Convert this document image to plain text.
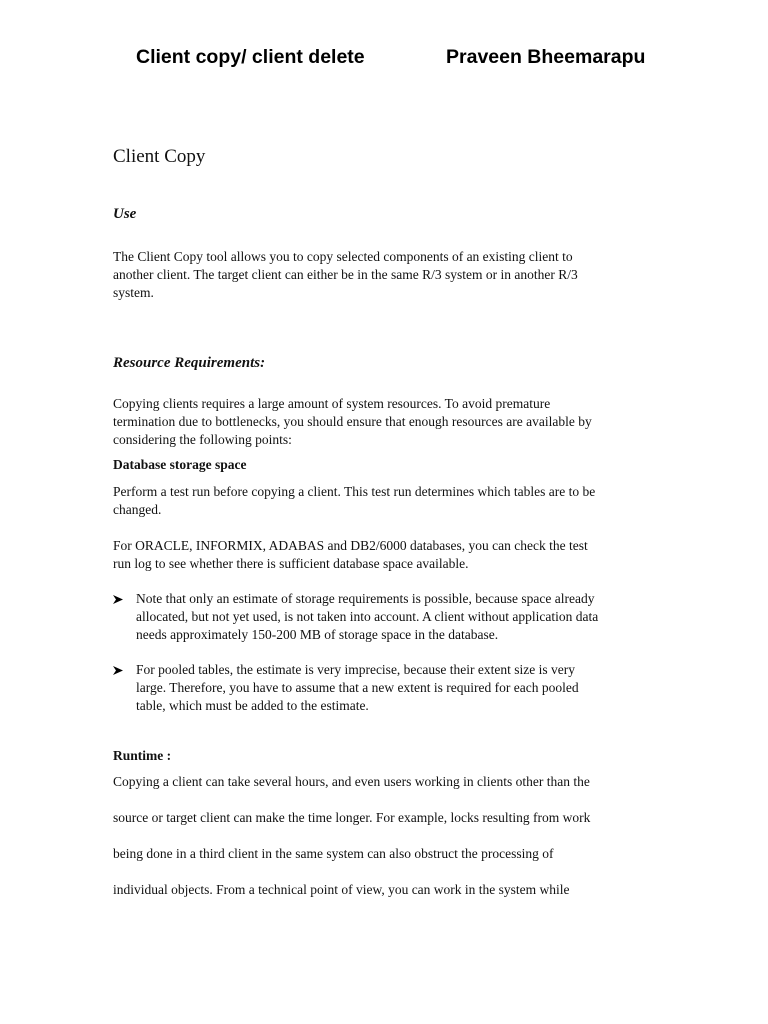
Client copy/ client delete	Praveen Bheemarapu
Client Copy
Use
The Client Copy tool allows you to copy selected components of an existing client to
another client. The target client can either be in the same R/3 system or in another R/3
system.
Resource Requirements:
Copying clients requires a large amount of system resources. To avoid premature
termination due to bottlenecks, you should ensure that enough resources are available by
considering the following points:
Database storage space
Perform a test run before copying a client. This test run determines which tables are to be
changed.
For ORACLE, INFORMIX, ADABAS and DB2/6000 databases, you can check the test
run log to see whether there is sufficient database space available.
Note that only an estimate of storage requirements is possible, because space already
allocated, but not yet used, is not taken into account. A client without application data
needs approximately 150-200 MB of storage space in the database.
For pooled tables, the estimate is very imprecise, because their extent size is very
large. Therefore, you have to assume that a new extent is required for each pooled
table, which must be added to the estimate.
Runtime :
Copying a client can take several hours, and even users working in clients other than the
source or target client can make the time longer. For example, locks resulting from work
being done in a third client in the same system can also obstruct the processing of
individual objects. From a technical point of view, you can work in the system while
